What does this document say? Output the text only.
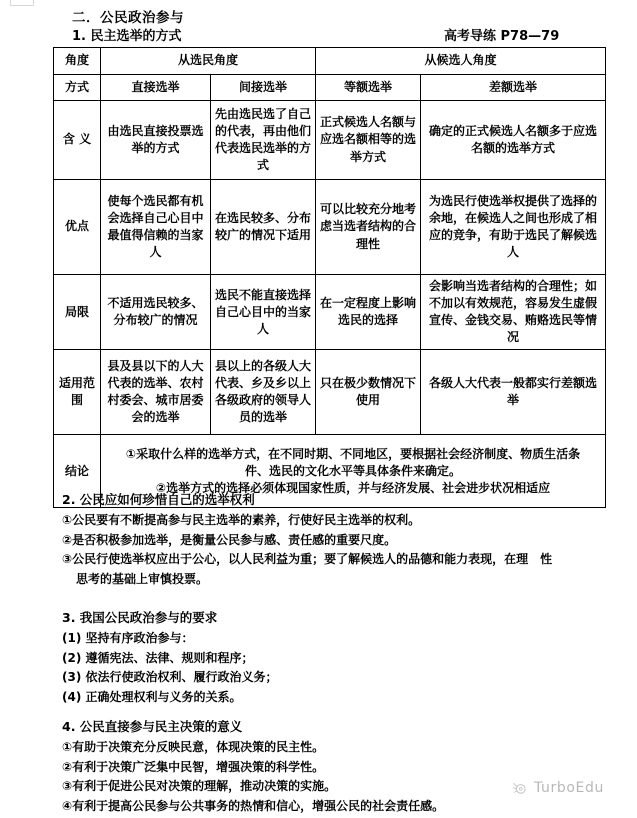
二．公民政治参与
1. 民主选举的方式	高考导练 P78—79
角度	从选民角度		从候选人角度	
方式	直接选举	间接选举	等额选举	差额选举
含 义	由选民直接投票选举的方式	先由选民选了自己的代表，再由他们代表选民选举的方式	正式候选人名额与应选名额相等的选举方式	确定的正式候选人名额多于应选名额的选举方式
优点	使每个选民都有机会选择自己心目中最值得信赖的当家人	在选民较多、分布较广的情况下适用	可以比较充分地考虑当选者结构的合理性	为选民行使选举权提供了选择的余地，在候选人之间也形成了相应的竞争，有助于选民了解候选人
局限	不适用选民较多、分布较广的情况	选民不能直接选择自己心目中的当家人	在一定程度上影响选民的选择	会影响当选者结构的合理性；如不加以有效规范，容易发生虚假宣传、金钱交易、贿赂选民等情况
适用范围	县及县以下的人大代表的选举、农村村委会、城市居委会的选举	县以上的各级人大代表、乡及乡以上各级政府的领导人员的选举	只在极少数情况下使用	各级人大代表一般都实行差额选举
结论	①采取什么样的选举方式，在不同时期、不同地区，要根据社会经济制度、物质生活条

件、选民的文化水平等具体条件来确定。

②选举方式的选择必须体现国家性质，并与经济发展、社会进步状况相适应			

2. 公民应如何珍惜自己的选举权利

①公民要有不断提高参与民主选举的素养，行使好民主选举的权利。

②是否积极参加选举，是衡量公民参与感、责任感的重要尺度。

③公民行使选举权应出于公心，以人民利益为重；要了解候选人的品德和能力表现，在理　性

思考的基础上审慎投票。

3. 我国公民政治参与的要求

(1) 坚持有序政治参与：

(2) 遵循宪法、法律、规则和程序；

(3) 依法行使政治权利、履行政治义务；

(4) 正确处理权利与义务的关系。

4. 公民直接参与民主决策的意义

①有助于决策充分反映民意，体现决策的民主性。

②有利于决策广泛集中民智，增强决策的科学性。

③有利于促进公民对决策的理解，推动决策的实施。

④有利于提高公民参与公共事务的热情和信心，增强公民的社会责任感。

TurboEdu
